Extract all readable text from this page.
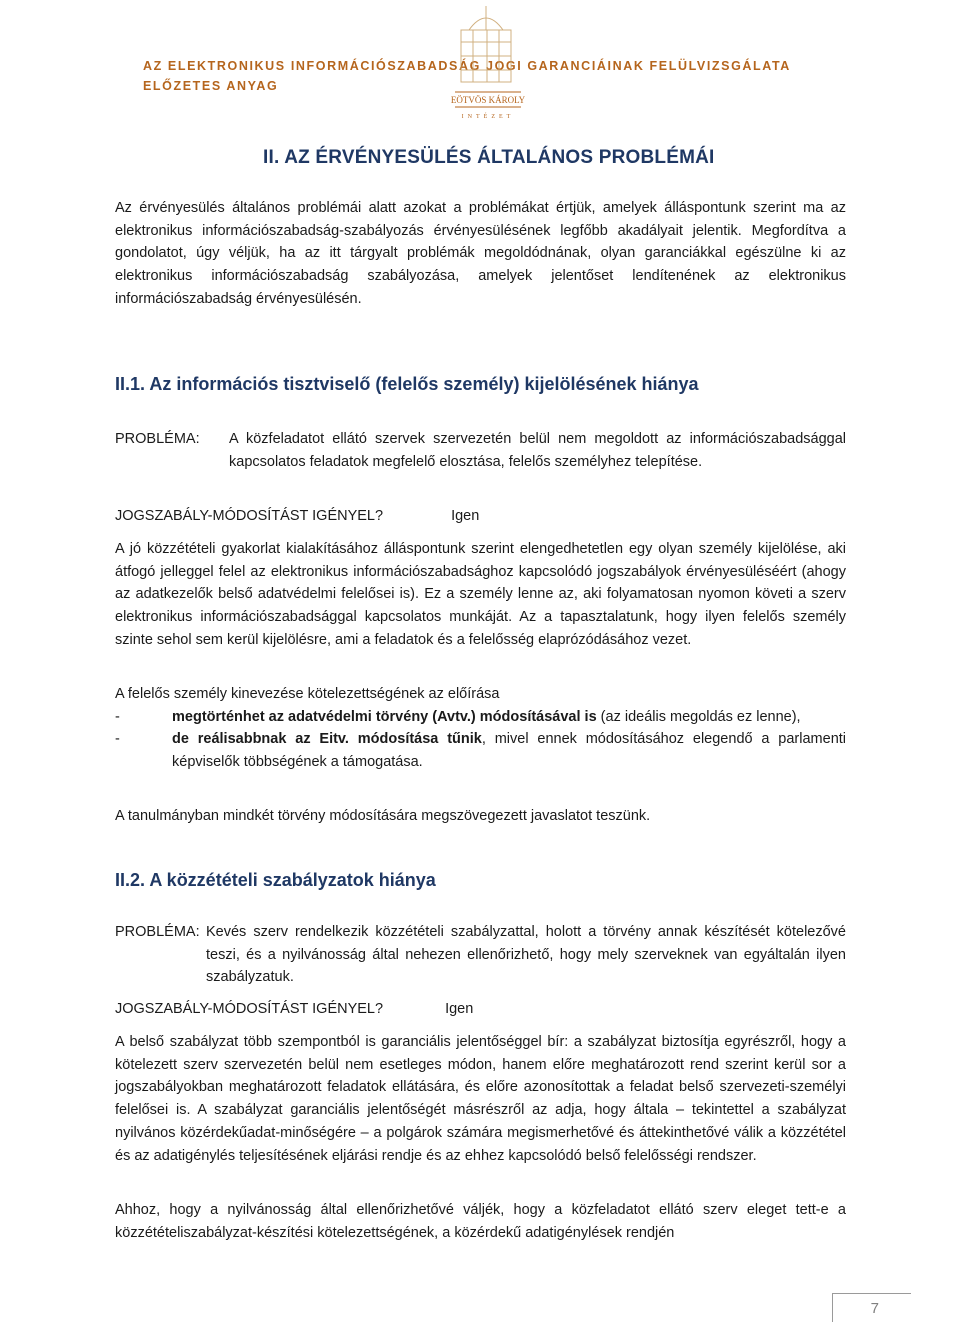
AZ ELEKTRONIKUS INFORMÁCIÓSZABADSÁG JOGI GARANCIÁINAK FELÜLVIZSGÁLATA
ELŐZETES ANYAG
EÖTVÖS KÁROLY
INTÉZET
II. AZ ÉRVÉNYESÜLÉS ÁLTALÁNOS PROBLÉMÁI

Az érvényesülés általános problémái alatt azokat a problémákat értjük, amelyek álláspontunk szerint ma az elektronikus információszabadság-szabályozás érvényesülésének legfőbb akadályait jelentik. Megfordítva a gondolatot, úgy véljük, ha az itt tárgyalt problémák megoldódnának, olyan garanciákkal egészülne ki az elektronikus információszabadság szabályozása, amelyek jelentőset lendítenének az elektronikus információszabadság érvényesülésén.

II.1. Az információs tisztviselő (felelős személy) kijelölésének hiánya
PROBLÉMA:	A közfeladatot ellátó szervek szervezetén belül nem megoldott az információszabadsággal kapcsolatos feladatok megfelelő elosztása, felelős személyhez telepítése.
JOGSZABÁLY-MÓDOSÍTÁST IGÉNYEL?	Igen

A jó közzétételi gyakorlat kialakításához álláspontunk szerint elengedhetetlen egy olyan személy kijelölése, aki átfogó jelleggel felel az elektronikus információszabadsághoz kapcsolódó jogszabályok érvényesüléséért (ahogy az adatkezelők belső adatvédelmi felelősei is). Ez a személy lenne az, aki folyamatosan nyomon követi a szerv elektronikus információszabadsággal kapcsolatos munkáját. Az a tapasztalatunk, hogy ilyen felelős személy szinte sehol sem kerül kijelölésre, ami a feladatok és a felelősség elaprózódásához vezet.

A felelős személy kinevezése kötelezettségének az előírása

-	megtörténhet az adatvédelmi törvény (Avtv.) módosításával is (az ideális megoldás ez lenne),
-	de reálisabbnak az Eitv. módosítása tűnik, mivel ennek módosításához elegendő a parlamenti képviselők többségének a támogatása.

A tanulmányban mindkét törvény módosítására megszövegezett javaslatot teszünk.

II.2. A közzétételi szabályzatok hiánya
PROBLÉMA: Kevés szerv rendelkezik közzétételi szabályzattal, holott a törvény annak készítését kötelezővé teszi, és a nyilvánosság által nehezen ellenőrizhető, hogy mely szerveknek van egyáltalán ilyen szabályzatuk.
JOGSZABÁLY-MÓDOSÍTÁST IGÉNYEL?	Igen

A belső szabályzat több szempontból is garanciális jelentőséggel bír: a szabályzat biztosítja egyrészről, hogy a kötelezett szerv szervezetén belül nem esetleges módon, hanem előre meghatározott rend szerint kerül sor a jogszabályokban meghatározott feladatok ellátására, és előre azonosítottak a feladat belső szervezeti-személyi felelősei is. A szabályzat garanciális jelentőségét másrészről az adja, hogy általa – tekintettel a szabályzat nyilvános közérdekűadat-minőségére – a polgárok számára megismerhetővé és áttekinthetővé válik a közzététel és az adatigénylés teljesítésének eljárási rendje és az ehhez kapcsolódó belső felelősségi rendszer.

Ahhoz, hogy a nyilvánosság által ellenőrizhetővé váljék, hogy a közfeladatot ellátó szerv eleget tett-e a közzétételiszabályzat-készítési kötelezettségének, a közérdekű adatigénylések rendjén

7
